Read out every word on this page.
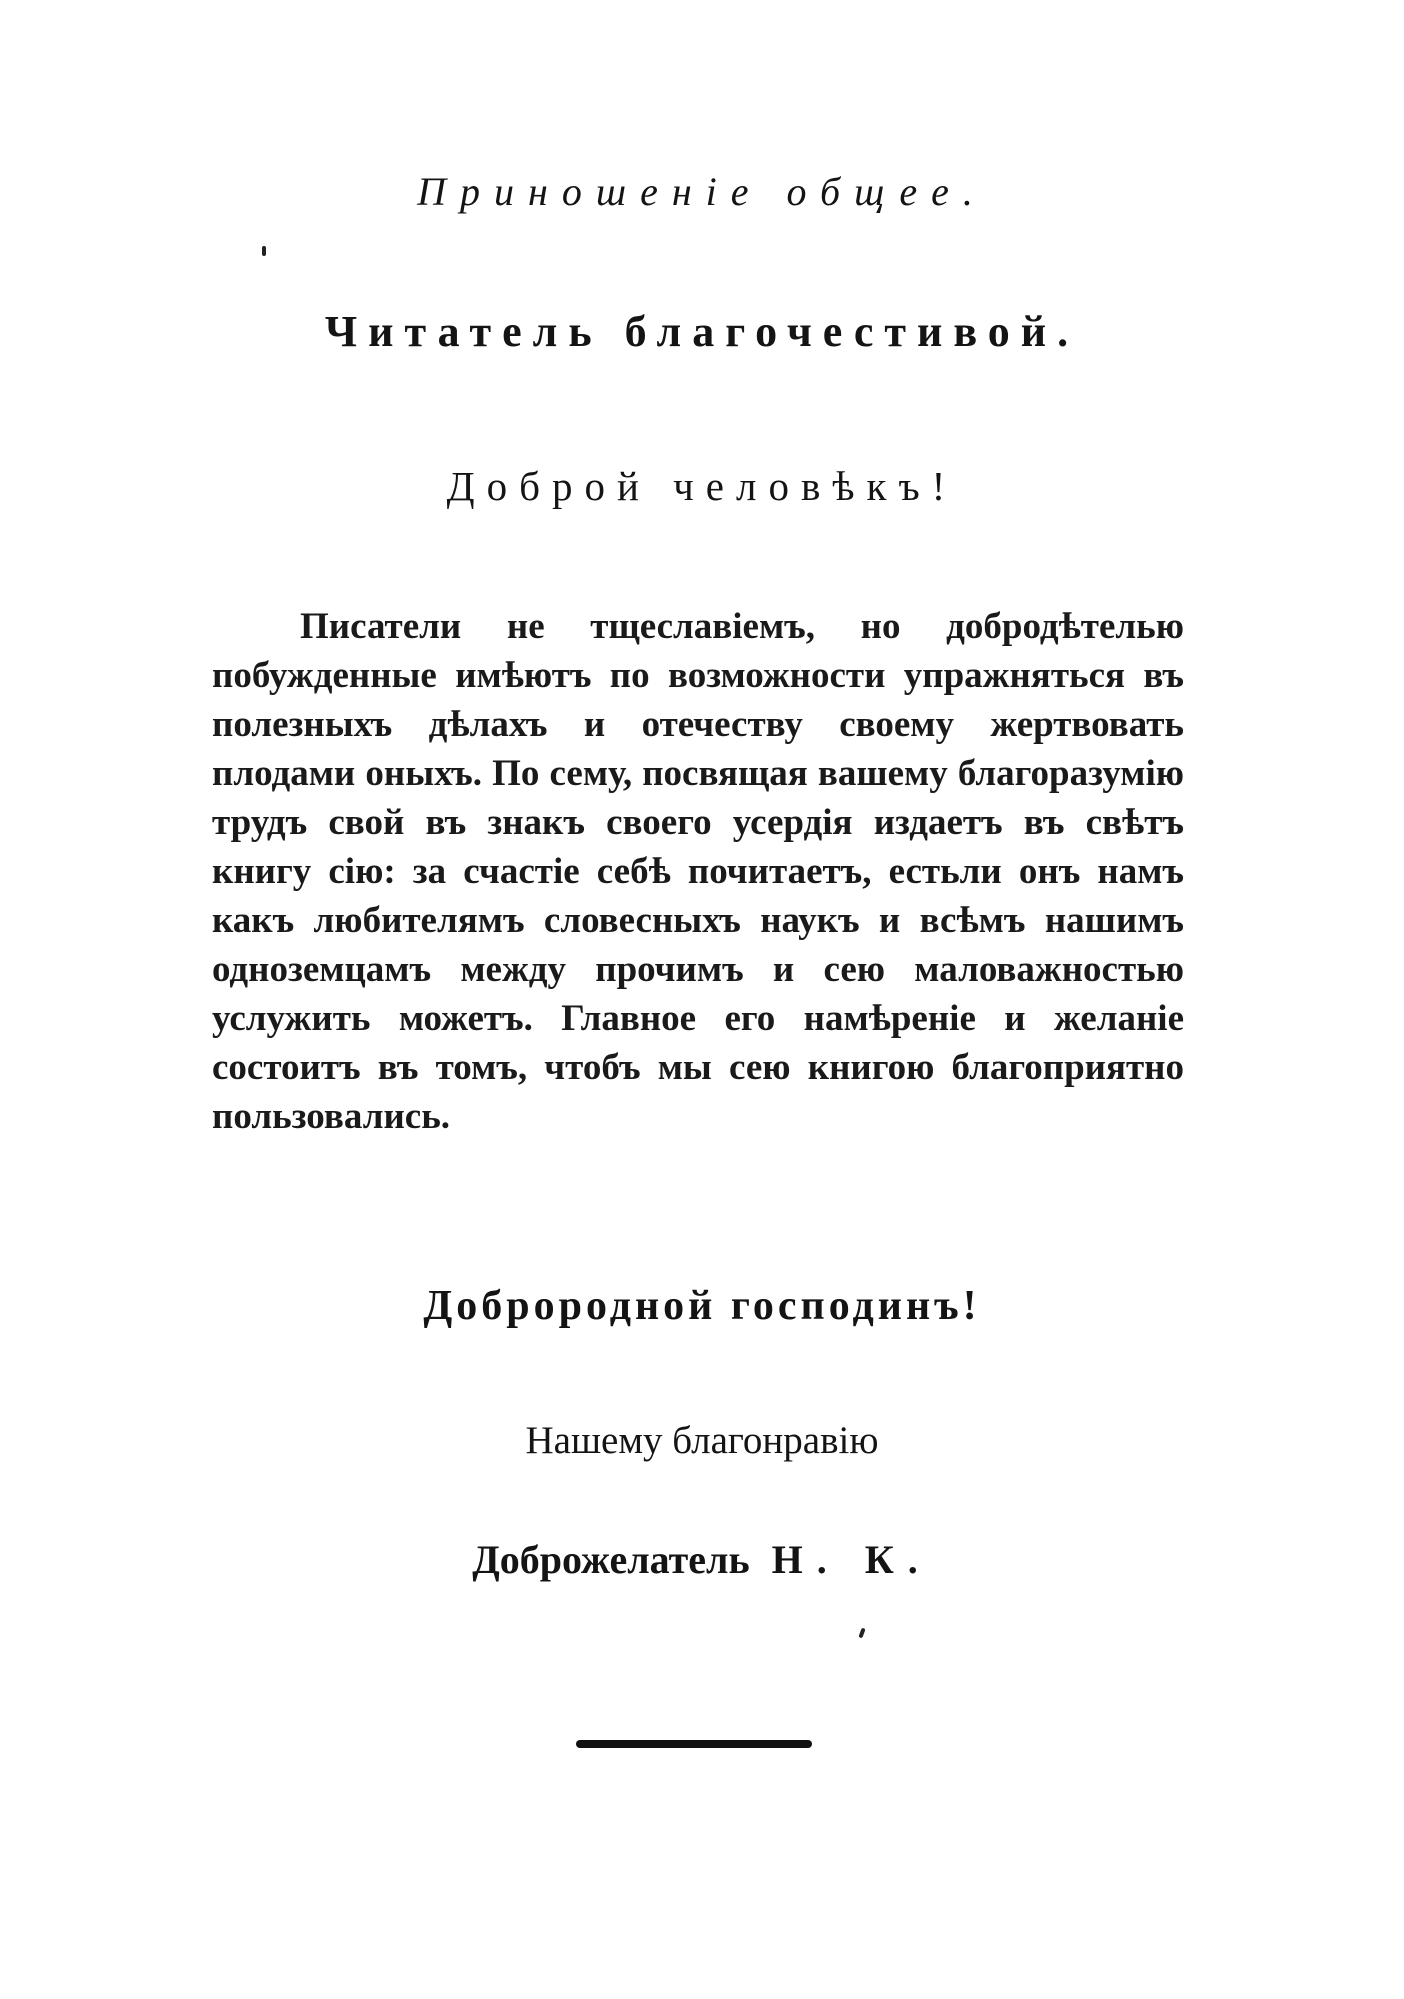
Приношеніе общее.
Читатель благочестивой.
Доброй человѣкъ!
Писатели не тщеславіемъ, но добродѣтелью побужденные имѣютъ по возможности упражняться въ полезныхъ дѣлахъ и отечеству своему жертвовать плодами оныхъ. По сему, посвящая вашему благоразумію трудъ свой въ знакъ своего усердія издаетъ въ свѣтъ книгу сію: за счастіе себѣ почитаетъ, естьли онъ намъ какъ любителямъ словесныхъ наукъ и всѣмъ нашимъ одноземцамъ между прочимъ и сею маловажностью услужить можетъ. Главное его намѣреніе и желаніе состоитъ въ томъ, чтобъ мы сею книгою благоприятно пользовались.
Доброродной господинъ!
Нашему благонравію
Доброжелатель Н. К.
